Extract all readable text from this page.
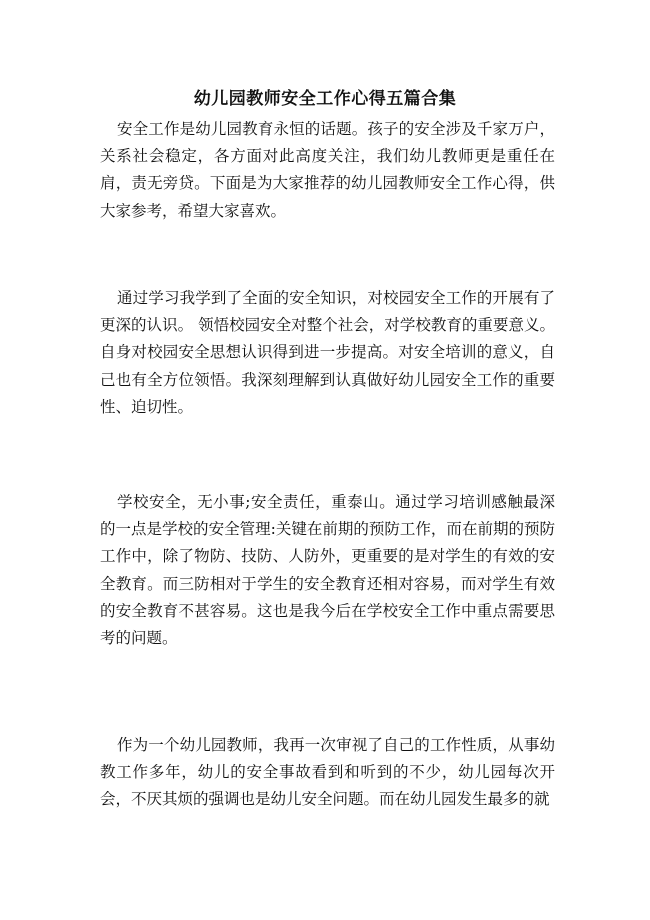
幼儿园教师安全工作心得五篇合集

安全工作是幼儿园教育永恒的话题。孩子的安全涉及千家万户，关系社会稳定，各方面对此高度关注，我们幼儿教师更是重任在肩，责无旁贷。下面是为大家推荐的幼儿园教师安全工作心得，供大家参考，希望大家喜欢。

通过学习我学到了全面的安全知识，对校园安全工作的开展有了更深的认识。 领悟校园安全对整个社会，对学校教育的重要意义。自身对校园安全思想认识得到进一步提高。对安全培训的意义，自己也有全方位领悟。我深刻理解到认真做好幼儿园安全工作的重要性、迫切性。

学校安全，无小事;安全责任，重泰山。通过学习培训感触最深的一点是学校的安全管理:关键在前期的预防工作，而在前期的预防工作中，除了物防、技防、人防外，更重要的是对学生的有效的安全教育。而三防相对于学生的安全教育还相对容易，而对学生有效的安全教育不甚容易。这也是我今后在学校安全工作中重点需要思考的问题。

作为一个幼儿园教师，我再一次审视了自己的工作性质，从事幼教工作多年，幼儿的安全事故看到和听到的不少，幼儿园每次开会，不厌其烦的强调也是幼儿安全问题。而在幼儿园发生最多的就
